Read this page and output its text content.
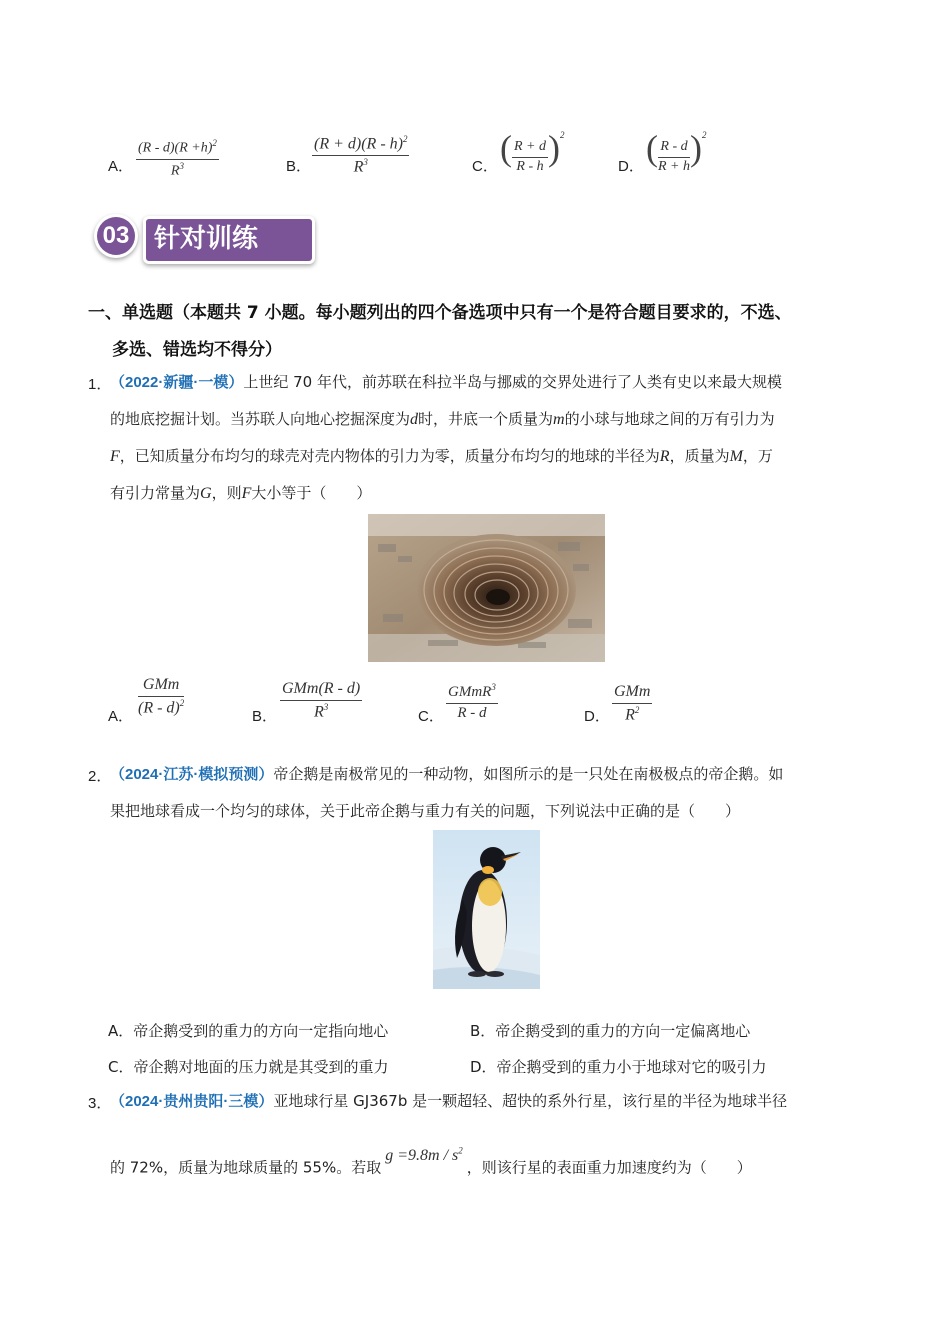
A． $\frac{(R - d)(R +h)^2}{R^3}$	B． $\frac{(R + d)(R - h)^2}{R^3}$	C． ( $\frac{R + d}{R - h} )^2$
D． ( $\frac{R - d}{R + h} )^2$
针对训练
03
一、单选题（本题共 7 小题。每小题列出的四个备选项中只有一个是符合题目要求的，不选、
多选、错选均不得分）
1．
（2022·新疆·一模）上世纪 70 年代，前苏联在科拉半岛与挪威的交界处进行了人类有史以来最大规模
的地底挖掘计划。当苏联人向地心挖掘深度为d时，井底一个质量为m的小球与地球之间的万有引力为
F，已知质量分布均匀的球壳对壳内物体的引力为零，质量分布均匀的地球的半径为R，质量为M，万
有引力常量为G，则F大小等于（　　）
A． $\frac{\text{GMm}}{(R - d)^2}$	B． $\frac{\text{GMm(R - d)}}{R^3}$	C． $\frac{GMmR^3}{R - d}$	D． $\frac{\text{GMm}}{R^2}$
2．
（2024·江苏·模拟预测）帝企鹅是南极常见的一种动物，如图所示的是一只处在南极极点的帝企鹅。如
果把地球看成一个均匀的球体，关于此帝企鹅与重力有关的问题，下列说法中正确的是（　　）
A．帝企鹅受到的重力的方向一定指向地心	B．帝企鹅受到的重力的方向一定偏离地心
C．帝企鹅对地面的压力就是其受到的重力	D．帝企鹅受到的重力小于地球对它的吸引力
3．
（2024·贵州贵阳·三模）亚地球行星 GJ367b 是一颗超轻、超快的系外行星，该行星的半径为地球半径
的 72%，质量为地球质量的 55%。若取$g =9.8m / s^2$，则该行星的表面重力加速度约为（　　）
